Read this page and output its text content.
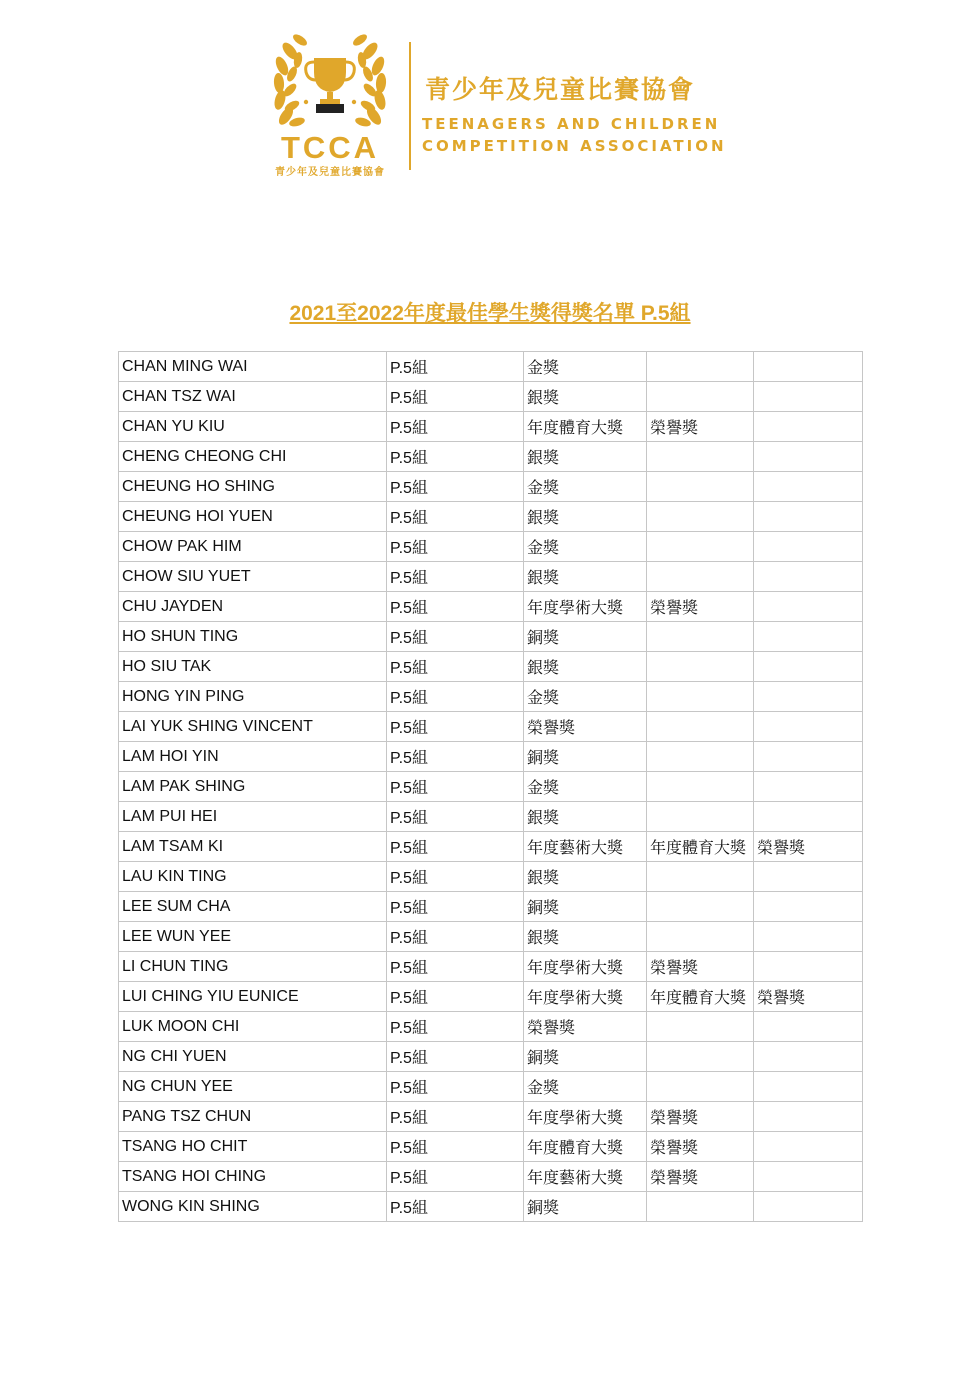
TCCA
青少年及兒童比賽協會
青少年及兒童比賽協會
TEENAGERS AND CHILDREN
COMPETITION ASSOCIATION
2021至2022年度最佳學生獎得獎名單 P.5組
CHAN MING WAI	P.5組	金獎		
CHAN TSZ WAI	P.5組	銀獎		
CHAN YU KIU	P.5組	年度體育大獎	榮譽獎	
CHENG CHEONG CHI	P.5組	銀獎		
CHEUNG HO SHING	P.5組	金獎		
CHEUNG HOI YUEN	P.5組	銀獎		
CHOW PAK HIM	P.5組	金獎		
CHOW SIU YUET	P.5組	銀獎		
CHU JAYDEN	P.5組	年度學術大獎	榮譽獎	
HO SHUN TING	P.5組	銅獎		
HO SIU TAK	P.5組	銀獎		
HONG YIN PING	P.5組	金獎		
LAI YUK SHING VINCENT	P.5組	榮譽獎		
LAM HOI YIN	P.5組	銅獎		
LAM PAK SHING	P.5組	金獎		
LAM PUI HEI	P.5組	銀獎		
LAM TSAM KI	P.5組	年度藝術大獎	年度體育大獎	榮譽獎
LAU KIN TING	P.5組	銀獎		
LEE SUM CHA	P.5組	銅獎		
LEE WUN YEE	P.5組	銀獎		
LI CHUN TING	P.5組	年度學術大獎	榮譽獎	
LUI CHING YIU EUNICE	P.5組	年度學術大獎	年度體育大獎	榮譽獎
LUK MOON CHI	P.5組	榮譽獎		
NG CHI YUEN	P.5組	銅獎		
NG CHUN YEE	P.5組	金獎		
PANG TSZ CHUN	P.5組	年度學術大獎	榮譽獎	
TSANG HO CHIT	P.5組	年度體育大獎	榮譽獎	
TSANG HOI CHING	P.5組	年度藝術大獎	榮譽獎	
WONG KIN SHING	P.5組	銅獎		
